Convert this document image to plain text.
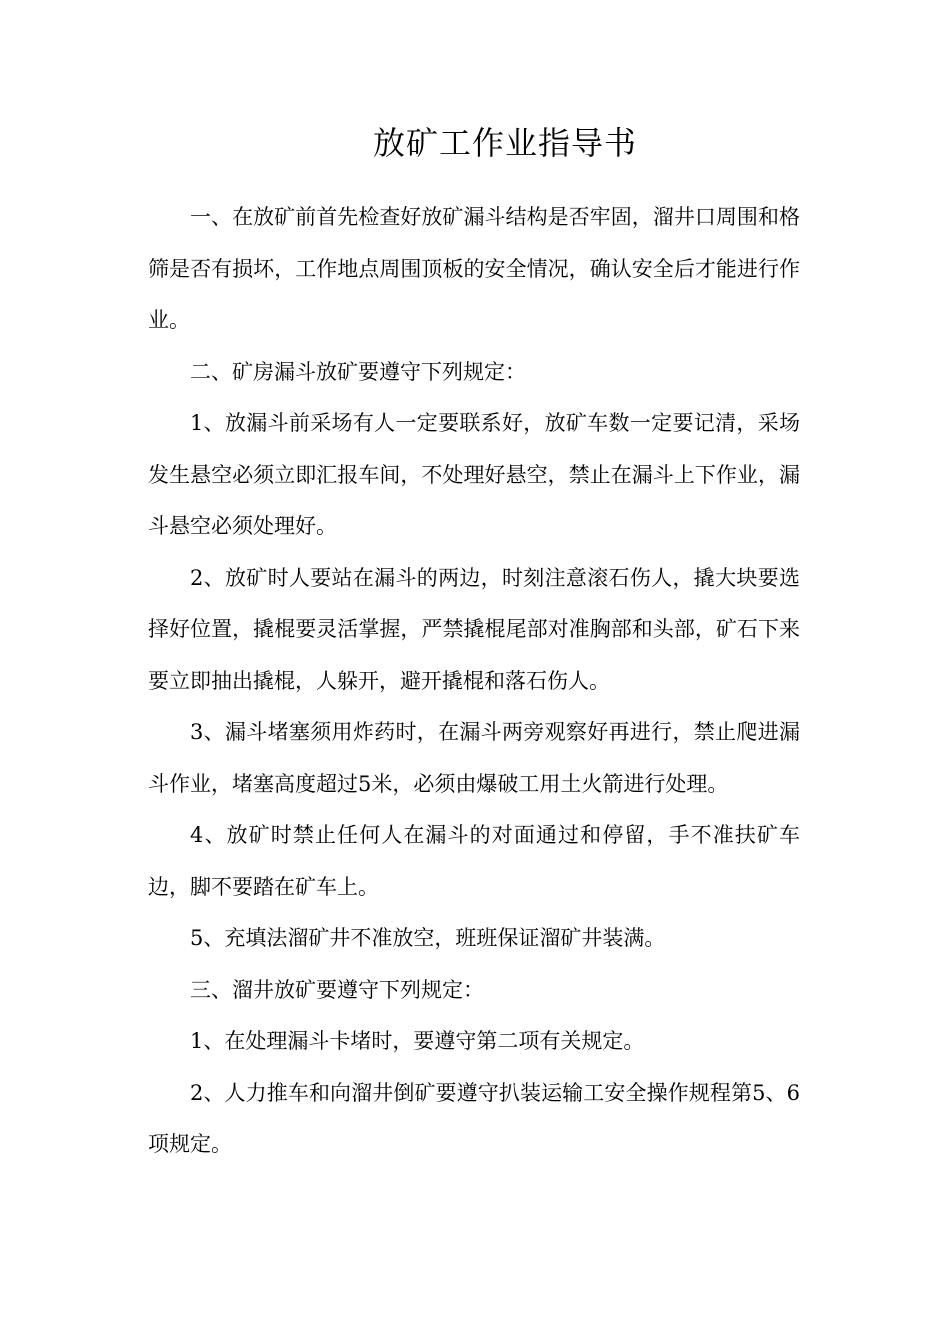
放矿工作业指导书

一、在放矿前首先检查好放矿漏斗结构是否牢固，溜井口周围和格筛是否有损坏，工作地点周围顶板的安全情况，确认安全后才能进行作业。

二、矿房漏斗放矿要遵守下列规定：

1、放漏斗前采场有人一定要联系好，放矿车数一定要记清，采场发生悬空必须立即汇报车间，不处理好悬空，禁止在漏斗上下作业，漏斗悬空必须处理好。

2、放矿时人要站在漏斗的两边，时刻注意滚石伤人，撬大块要选择好位置，撬棍要灵活掌握，严禁撬棍尾部对准胸部和头部，矿石下来要立即抽出撬棍，人躲开，避开撬棍和落石伤人。

3、漏斗堵塞须用炸药时，在漏斗两旁观察好再进行，禁止爬进漏斗作业，堵塞高度超过5米，必须由爆破工用土火箭进行处理。

4、放矿时禁止任何人在漏斗的对面通过和停留，手不准扶矿车边，脚不要踏在矿车上。

5、充填法溜矿井不准放空，班班保证溜矿井装满。

三、溜井放矿要遵守下列规定：

1、在处理漏斗卡堵时，要遵守第二项有关规定。

2、人力推车和向溜井倒矿要遵守扒装运输工安全操作规程第5、6项规定。
